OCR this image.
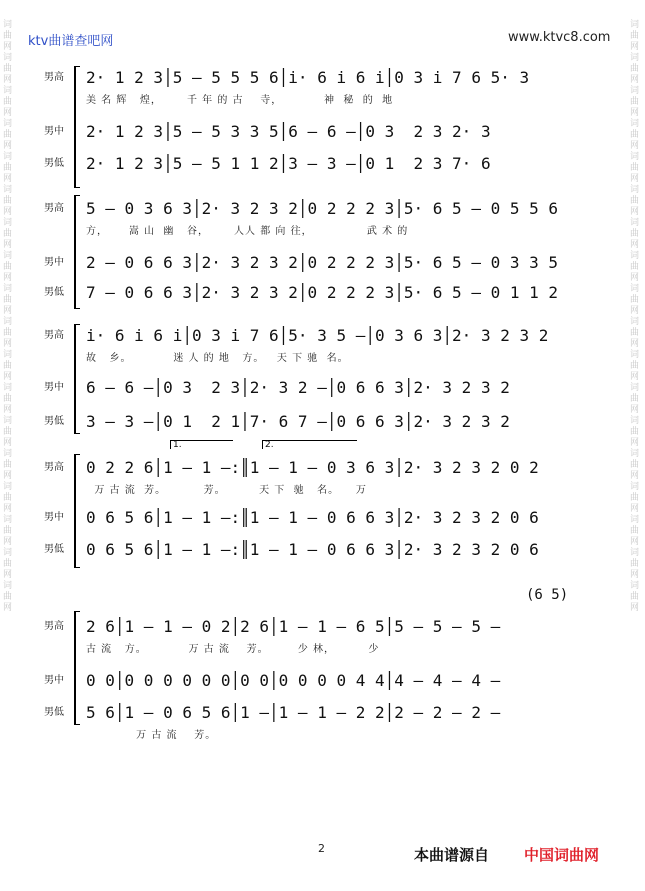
ktv曲谱查吧网	www.ktvc8.com
词曲网词曲网词曲网词曲网词曲网词曲网词曲网词曲网词曲网词曲网词曲网词曲网词曲网词曲网词曲网词曲网词曲网词曲网
词曲网词曲网词曲网词曲网词曲网词曲网词曲网词曲网词曲网词曲网词曲网词曲网词曲网词曲网词曲网词曲网词曲网词曲网
男高 2· 1 2 3│5 — 5 5 5 6│i· 6 i 6 i│0 3 i 7 6 5· 3
美 名 辉   煌，      千 年 的 古    寺，          神  秘  的  地
男中 2· 1 2 3│5 — 5 3 3 5│6 — 6 —│0 3  2 3 2· 3
男低 2· 1 2 3│5 — 5 1 1 2│3 — 3 —│0 1  2 3 7· 6
男高 5 — 0 3 6 3│2· 3 2 3 2│0 2 2 2 3│5· 6 5 — 0 5 5 6
方，     嵩 山  幽   谷，      人人 都 向 往，             武 术 的
男中 2 — 0 6 6 3│2· 3 2 3 2│0 2 2 2 3│5· 6 5 — 0 3 3 5
男低 7 — 0 6 6 3│2· 3 2 3 2│0 2 2 2 3│5· 6 5 — 0 1 1 2
男高 i· 6 i 6 i│0 3 i 7 6│5· 3 5 —│0 3 6 3│2· 3 2 3 2
故   乡。          迷 人 的 地   方。   天 下 驰  名。
男中 6 — 6 —│0 3  2 3│2· 3 2 —│0 6 6 3│2· 3 2 3 2
男低 3 — 3 —│0 1  2 1│7· 6 7 —│0 6 6 3│2· 3 2 3 2
1.	2.
男高 0 2 2 6│1 — 1 —:║1 — 1 — 0 3 6 3│2· 3 2 3 2 0 2
万 古 流  芳。         芳。        天 下  驰   名。    万
男中 0 6 5 6│1 — 1 —:║1 — 1 — 0 6 6 3│2· 3 2 3 2 0 6
男低 0 6 5 6│1 — 1 —:║1 — 1 — 0 6 6 3│2· 3 2 3 2 0 6
(6 5)
男高 2 6│1 — 1 — 0 2│2 6│1 — 1 — 6 5│5 — 5 — 5 —
古 流   方。          万 古 流    芳。       少 林，        少
男中 0 0│0 0 0 0 0 0│0 0│0 0 0 0 4 4│4 — 4 — 4 —
男低 5 6│1 — 0 6 5 6│1 —│1 — 1 — 2 2│2 — 2 — 2 —
万 古 流    芳。
2	本曲谱源自 中国词曲网
